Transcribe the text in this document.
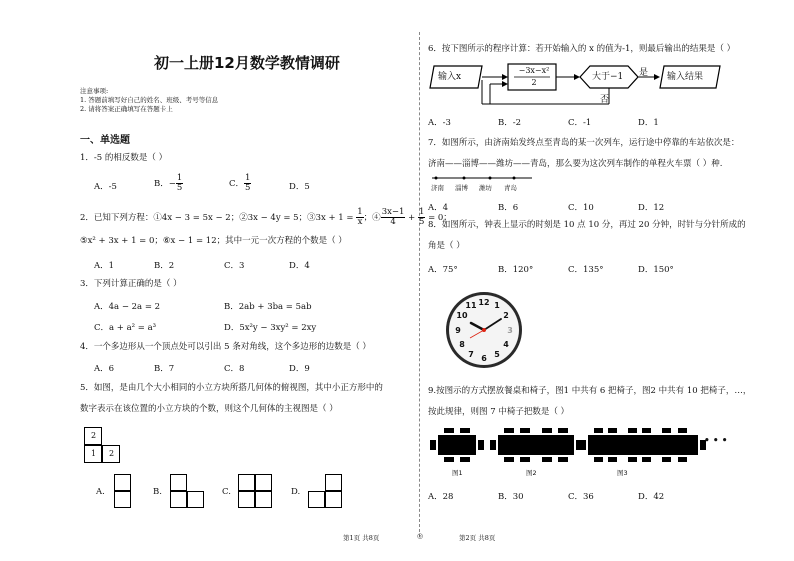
◎
初一上册12月数学教情调研
注意事项:
1. 答题前填写好自己的姓名、班级、考号等信息
2. 请将答案正确填写在答题卡上
一、单选题
1．-5 的相反数是（ ）
A．-5	B．− $\frac{1}{5}$	C． $\frac{1}{5}$	D．5
2．已知下列方程：①4x − 3 = 5x − 2；②3x − 4y = 5；③3x + $1 = \frac{1}{x}$ ；④ $\frac{3x-1}{4} + \frac{1}{5} = 0$；
⑤x² + 3x + 1 = 0；⑥x − 1 = 12；其中一元一次方程的个数是（ ）
A．1	B．2	C．3	D．4
3．下列计算正确的是（ ）
A．4a − 2a = 2	B．2ab + 3ba = 5ab
C．a + a² = a³	D．5x²y − 3xy² = 2xy
4．一个多边形从一个顶点处可以引出 5 条对角线，这个多边形的边数是（ ）
A．6	B．7	C．8	D．9
5．如图，是由几个大小相同的小立方块所搭几何体的俯视图，其中小正方形中的
数字表示在该位置的小立方块的个数，则这个几何体的主视图是（ ）
2
1 2
A.	B.	C.	D.
第1页 共8页
6．按下图所示的程序计算：若开始输入的 x 的值为-1，则最后输出的结果是（ ）
输入x
−3x−x²
2
大于−1 是
否
输入结果
A．-3	B．-2	C．-1	D．1
7．如图所示，由济南始发终点至青岛的某一次列车，运行途中停靠的车站依次是：
济南——淄博——潍坊——青岛，那么要为这次列车制作的单程火车票（ ）种.
济南 淄博 潍坊 青岛
A．4	B．6	C．10	D．12
8．如图所示，钟表上显示的时刻是 10 点 10 分，再过 20 分钟，时针与分针所成的
角是（ ）
A．75°	B．120°	C．135°	D．150°
12 1
2
3
4
5
6
7
8
9
10
11
9.按图示的方式摆放餐桌和椅子，图1 中共有 6 把椅子，图2 中共有 10 把椅子，…，
按此规律，则图 7 中椅子把数是（ ）
• • •
图1	图2	图3
A．28	B．30	C．36	D．42
第2页 共8页
